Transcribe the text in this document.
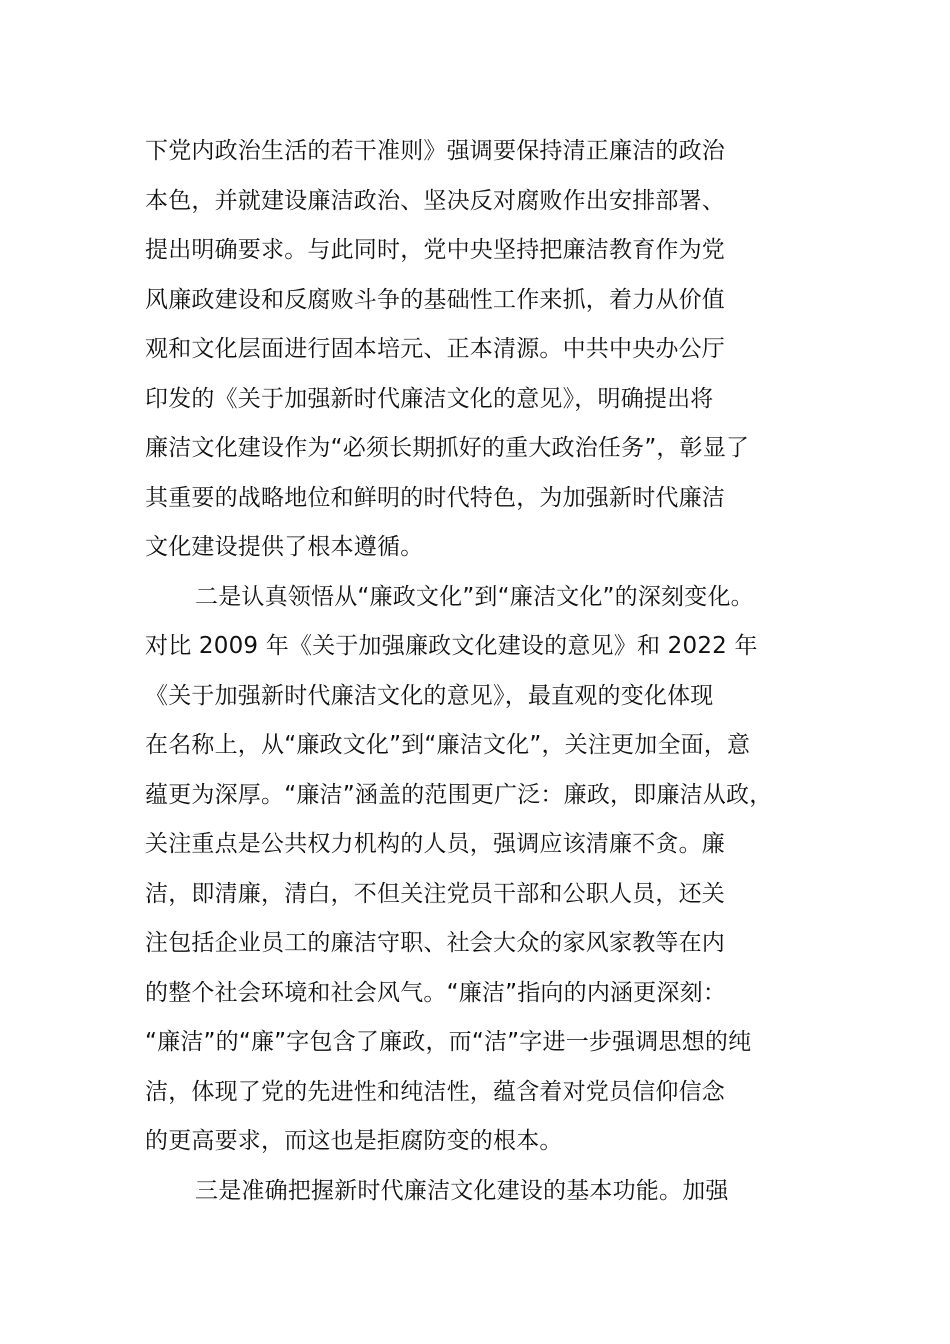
下党内政治生活的若干准则》强调要保持清正廉洁的政治
本色，并就建设廉洁政治、坚决反对腐败作出安排部署、
提出明确要求。与此同时，党中央坚持把廉洁教育作为党
风廉政建设和反腐败斗争的基础性工作来抓，着力从价值
观和文化层面进行固本培元、正本清源。中共中央办公厅
印发的《关于加强新时代廉洁文化的意见》，明确提出将
廉洁文化建设作为“必须长期抓好的重大政治任务”，彰显了
其重要的战略地位和鲜明的时代特色，为加强新时代廉洁
文化建设提供了根本遵循。
二是认真领悟从“廉政文化”到“廉洁文化”的深刻变化。
对比 2009 年《关于加强廉政文化建设的意见》和 2022 年
《关于加强新时代廉洁文化的意见》，最直观的变化体现
在名称上，从“廉政文化”到“廉洁文化”，关注更加全面，意
蕴更为深厚。“廉洁”涵盖的范围更广泛：廉政，即廉洁从政，
关注重点是公共权力机构的人员，强调应该清廉不贪。廉
洁，即清廉，清白，不但关注党员干部和公职人员，还关
注包括企业员工的廉洁守职、社会大众的家风家教等在内
的整个社会环境和社会风气。“廉洁”指向的内涵更深刻：
“廉洁”的“廉”字包含了廉政，而“洁”字进一步强调思想的纯
洁，体现了党的先进性和纯洁性，蕴含着对党员信仰信念
的更高要求，而这也是拒腐防变的根本。
三是准确把握新时代廉洁文化建设的基本功能。加强
